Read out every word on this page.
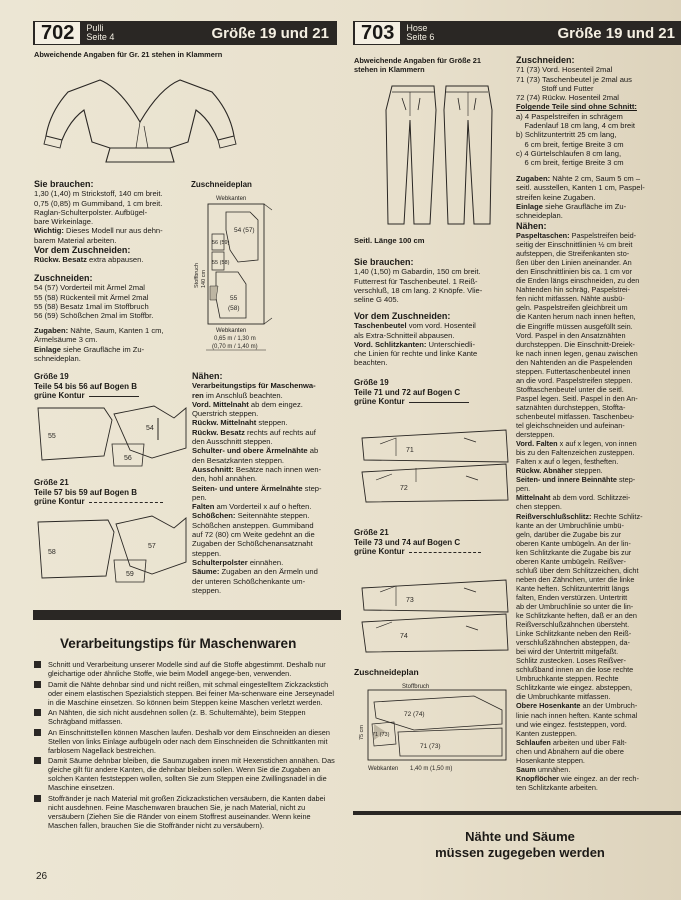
702	Pulli
Seite 4	Größe 19 und 21
Abweichende Angaben für Gr. 21 stehen in Klammern
Sie brauchen:
1,30 (1,40) m Strickstoff, 140 cm breit.
0,75 (0,85) m Gummiband, 1 cm breit.
Raglan-Schulterpolster. Aufbügel-
bare Wirkeinlage.
Wichtig: Dieses Modell nur aus dehn-
barem Material arbeiten.
Vor dem Zuschneiden:
Rückw. Besatz extra abpausen.
Zuschneiden:
54 (57) Vorderteil mit Ärmel 2mal
55 (58) Rückenteil mit Ärmel 2mal
55 (58) Besatz 1mal im Stoffbruch
56 (59) Schößchen 2mal im Stoffbr.
Zugaben: Nähte, Saum, Kanten 1 cm,
Ärmelsäume 3 cm.
Einlage siehe Graufläche im Zu-
schneideplan.
Zuschneideplan
Webkanten
54 (57)
56 (59)
55 (58)
55
(58)
Webkanten
0,65 m / 1,30 m
(0,70 m / 1,40 m)
Stoffbruch 140 cm
Größe 19
Teile 54 bis 56 auf Bogen B
grüne Kontur
55
54
56
Größe 21
Teile 57 bis 59 auf Bogen B
grüne Kontur
58
57
59
Nähen:
Verarbeitungstips für Maschenwa-
ren im Anschluß beachten.
Vord. Mittelnaht ab dem eingez.
Querstrich steppen.
Rückw. Mittelnaht steppen.
Rückw. Besatz rechts auf rechts auf
den Ausschnitt steppen.
Schulter- und obere Ärmelnähte ab
den Besatzkanten steppen.
Ausschnitt: Besätze nach innen wen-
den, hohl annähen.
Seiten- und untere Ärmelnähte step-
pen.
Falten am Vorderteil x auf o heften.
Schößchen: Seitennähte steppen.
Schößchen ansteppen. Gummiband
auf 72 (80) cm Weite gedehnt an die
Zugaben der Schößchenansatznaht
steppen.
Schulterpolster einnähen.
Säume: Zugaben an den Ärmeln und
der unteren Schößchenkante um-
steppen.
Verarbeitungstips für Maschenwaren
Schnitt und Verarbeitung unserer Modelle sind auf die Stoffe abgestimmt. Deshalb nur gleichartige oder ähnliche Stoffe, wie beim Modell angege-ben, verwenden.
Damit die Nähte dehnbar sind und nicht reißen, mit schmal eingestelltem Zickzackstich oder einem elastischen Spezialstich steppen. Bei feiner Ma-schenware eine Jerseynadel in die Maschine einsetzen. So können beim Steppen keine Maschen verletzt werden.
An Nähten, die sich nicht ausdehnen sollen (z. B. Schulternähte), beim Steppen Schrägband mitfassen.
An Einschnittstellen können Maschen laufen. Deshalb vor dem Einschneiden an diesen Stellen von links Einlage aufbügeln oder nach dem Einschneiden die Schnittkanten mit farblosem Nagellack bestreichen.
Damit Säume dehnbar bleiben, die Saumzugaben innen mit Hexenstichen annähen. Das gleiche gilt für andere Kanten, die dehnbar bleiben sollen. Wenn Sie die Zugaben an solchen Kanten feststeppen wollen, sollten Sie zum Steppen eine Zwillingsnadel in die Maschine einsetzen.
Stoffränder je nach Material mit großen Zickzackstichen versäubern, die Kanten dabei nicht ausdehnen. Feine Maschenwaren brauchen Sie, je nach Material, nicht zu versäubern (Ziehen Sie die Ränder von einem Stoffrest auseinander. Wenn keine Maschen fallen, brauchen Sie die Stoffränder nicht zu versäubern).
26
703	Hose
Seite 6	Größe 19 und 21
Abweichende Angaben für Größe 21
stehen in Klammern
Seitl. Länge 100 cm
Sie brauchen:
1,40 (1,50) m Gabardin, 150 cm breit.
Futterrest für Taschenbeutel. 1 Reiß-
verschluß, 18 cm lang. 2 Knöpfe. Vlie-
seline G 405.
Vor dem Zuschneiden:
Taschenbeutel vom vord. Hosenteil
als Extra-Schnitteil abpausen.
Vord. Schlitzkanten: Unterschiedli-
che Linien für rechte und linke Kante
beachten.
Größe 19
Teile 71 und 72 auf Bogen C
grüne Kontur
71
72
Größe 21
Teile 73 und 74 auf Bogen C
grüne Kontur
73
74
Zuschneideplan
Stoffbruch
72 (74)
71 (73)
71 (73)
Webkanten 1,40 m (1,50 m)
75 cm
Zuschneiden:
71 (73) Vord. Hosenteil 2mal
71 (73) Taschenbeutel je 2mal aus
Stoff und Futter
72 (74) Rückw. Hosenteil 2mal
Folgende Teile sind ohne Schnitt:
a) 4 Paspelstreifen in schrägem
Fadenlauf 18 cm lang, 4 cm breit
b) Schlitzuntertritt 25 cm lang,
6 cm breit, fertige Breite 3 cm
c) 4 Gürtelschlaufen 8 cm lang,
6 cm breit, fertige Breite 3 cm
Zugaben: Nähte 2 cm, Saum 5 cm –
seitl. ausstellen, Kanten 1 cm, Paspel-
streifen keine Zugaben.
Einlage siehe Graufläche im Zu-
schneideplan.
Nähen:
Paspeltaschen: Paspelstreifen beid-
seitig der Einschnittlinien ½ cm breit
aufsteppen, die Streifenkanten sto-
ßen über den Linien aneinander. An
den Einschnittlinien bis ca. 1 cm vor
die Enden längs einschneiden, zu den
Nahtenden hin schräg, Paspelstrei-
fen nicht mitfassen. Nähte ausbü-
geln. Paspelstreifen gleichbreit um
die Kanten herum nach innen heften,
die Eingriffe müssen ausgefüllt sein.
Vord. Paspel in den Ansatznähten
durchsteppen. Die Einschnitt-Dreiek-
ke nach innen legen, genau zwischen
den Nahtenden an die Paspelenden
steppen. Futtertaschenbeutel innen
an die vord. Paspelstreifen steppen.
Stofftaschenbeutel unter die seitl.
Paspel legen. Seitl. Paspel in den An-
satznähten durchsteppen, Stoffta-
schenbeutel mitfassen. Taschenbeu-
tel gleichschneiden und aufeinan-
dersteppen.
Vord. Falten x auf x legen, von innen
bis zu den Faltenzeichen zusteppen.
Falten x auf o legen, festheften.
Rückw. Abnäher steppen.
Seiten- und innere Beinnähte step-
pen.
Mittelnaht ab dem vord. Schlitzzei-
chen steppen.
Reißverschlußschlitz: Rechte Schlitz-
kante an der Umbruchlinie umbü-
geln, darüber die Zugabe bis zur
oberen Kante umbügeln. An der lin-
ken Schlitzkante die Zugabe bis zur
oberen Kante umbügeln. Reißver-
schluß über dem Schlitzzeichen, dicht
neben den Zähnchen, unter die linke
Kante heften. Schlitzuntertritt längs
falten, Enden verstürzen. Untertritt
ab der Umbruchlinie so unter die lin-
ke Schlitzkante heften, daß er an den
Reißverschlußzähnchen übersteht.
Linke Schlitzkante neben den Reiß-
verschlußzähnchen absteppen, da-
bei wird der Untertritt mitgefaßt.
Schlitz zustecken. Loses Reißver-
schlußband innen an die lose rechte
Umbruchkante steppen. Rechte
Schlitzkante wie eingez. absteppen,
die Umbruchkante mitfassen.
Obere Hosenkante an der Umbruch-
linie nach innen heften. Kante schmal
und wie eingez. feststeppen, vord.
Kanten zusteppen.
Schlaufen arbeiten und über Fält-
chen und Abnähern auf die obere
Hosenkante steppen.
Saum umnähen.
Knopflöcher wie eingez. an der rech-
ten Schlitzkante arbeiten.
Nähte und Säume
müssen zugegeben werden
